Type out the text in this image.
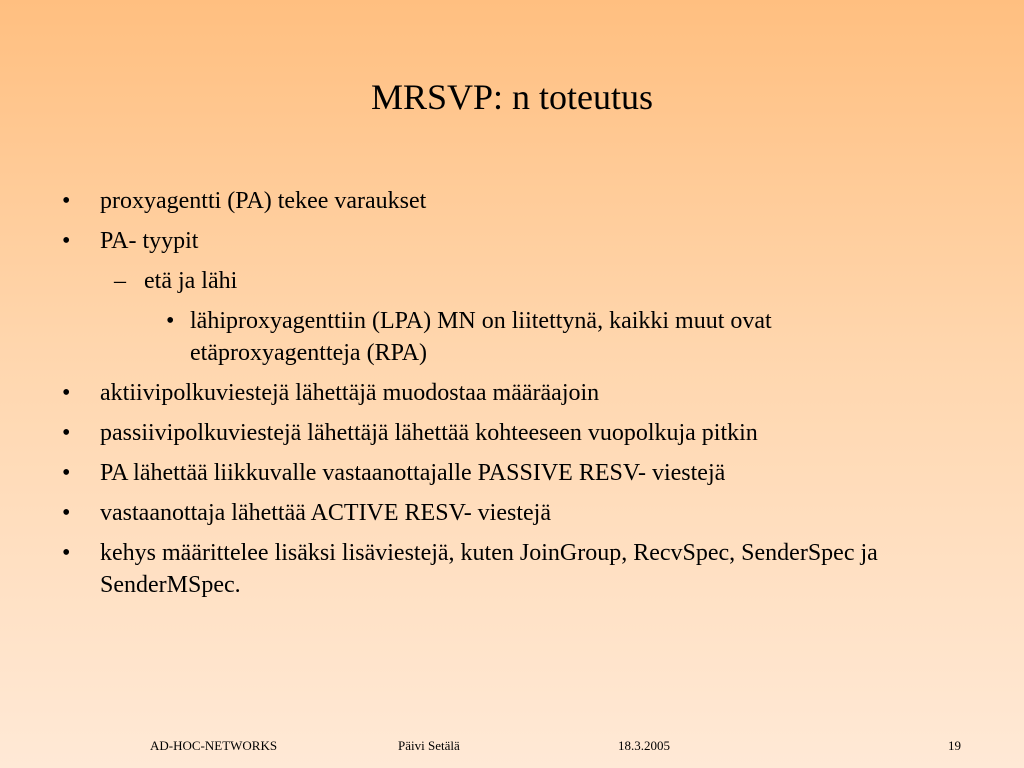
MRSVP: n toteutus
• proxyagentti (PA) tekee varaukset
• PA- tyypit
– etä ja lähi
• lähiproxyagenttiin (LPA) MN on liitettynä, kaikki muut ovat etäproxyagentteja (RPA)
• aktiivipolkuviestejä lähettäjä muodostaa määräajoin
• passiivipolkuviestejä lähettäjä lähettää kohteeseen vuopolkuja pitkin
• PA lähettää liikkuvalle vastaanottajalle PASSIVE RESV- viestejä
• vastaanottaja lähettää ACTIVE RESV- viestejä
• kehys määrittelee lisäksi lisäviestejä, kuten JoinGroup, RecvSpec, SenderSpec ja SenderMSpec.
AD-HOC-NETWORKS	Päivi Setälä	18.3.2005	19
